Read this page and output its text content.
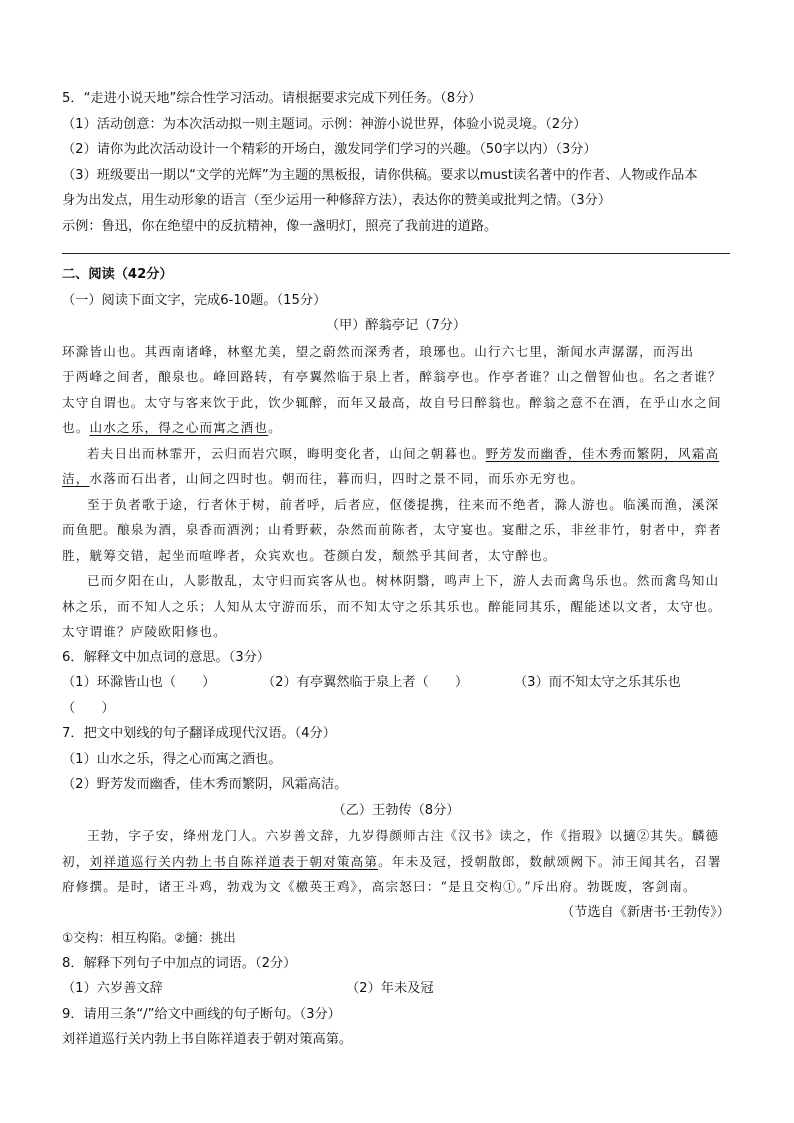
5．“走进小说天地”综合性学习活动。请根据要求完成下列任务。（8分）
（1）活动创意：为本次活动拟一则主题词。示例：神游小说世界，体验小说灵境。（2分）
（2）请你为此次活动设计一个精彩的开场白，激发同学们学习的兴趣。（50字以内）（3分）
（3）班级要出一期以“文学的光辉”为主题的黑板报，请你供稿。要求以must读名著中的作者、人物或作品本
身为出发点，用生动形象的语言（至少运用一种修辞方法），表达你的赞美或批判之情。（3分）
示例：鲁迅，你在绝望中的反抗精神，像一盏明灯，照亮了我前进的道路。
二、阅读（42分）
（一）阅读下面文字，完成6-10题。（15分）
（甲）醉翁亭记（7分）
环滁皆山也。其西南诸峰，林壑尤美，望之蔚然而深秀者，琅琊也。山行六七里，渐闻水声潺潺，而泻出
于两峰之间者，酿泉也。峰回路转，有亭翼然临于泉上者，醉翁亭也。作亭者谁？山之僧智仙也。名之者谁？
太守自谓也。太守与客来饮于此，饮少辄醉，而年又最高，故自号曰醉翁也。醉翁之意不在酒，在乎山水之间
也。山水之乐，得之心而寓之酒也。
若夫日出而林霏开，云归而岩穴暝，晦明变化者，山间之朝暮也。野芳发而幽香，佳木秀而繁阴，风霜高
洁，水落而石出者，山间之四时也。朝而往，暮而归，四时之景不同，而乐亦无穷也。
至于负者歌于途，行者休于树，前者呼，后者应，伛偻提携，往来而不绝者，滁人游也。临溪而渔，溪深
而鱼肥。酿泉为酒，泉香而酒洌；山肴野蔌，杂然而前陈者，太守宴也。宴酣之乐，非丝非竹，射者中，弈者
胜，觥筹交错，起坐而喧哗者，众宾欢也。苍颜白发，颓然乎其间者，太守醉也。
已而夕阳在山，人影散乱，太守归而宾客从也。树林阴翳，鸣声上下，游人去而禽鸟乐也。然而禽鸟知山
林之乐，而不知人之乐；人知从太守游而乐，而不知太守之乐其乐也。醉能同其乐，醒能述以文者，太守也。
太守谓谁？庐陵欧阳修也。
6．解释文中加点词的意思。（3分）
（1）环滁皆山也（　　）	（2）有亭翼然临于泉上者（　　）	（3）而不知太守之乐其乐也
（　　）
7．把文中划线的句子翻译成现代汉语。（4分）
（1）山水之乐，得之心而寓之酒也。
（2）野芳发而幽香，佳木秀而繁阴，风霜高洁。
（乙）王勃传（8分）
王勃，字子安，绛州龙门人。六岁善文辞，九岁得颜师古注《汉书》读之，作《指瑕》以擿②其失。麟德
初，刘祥道巡行关内勃上书自陈祥道表于朝对策高第。年未及冠，授朝散郎，数献颂阙下。沛王闻其名，召署
府修撰。是时，诸王斗鸡，勃戏为文《檄英王鸡》，高宗怒曰：“是且交构①。”斥出府。勃既废，客剑南。
（节选自《新唐书·王勃传》）
①交构：相互构陷。②擿：挑出
8．解释下列句子中加点的词语。（2分）
（1）六岁善文辞	（2）年未及冠
9．请用三条“/”给文中画线的句子断句。（3分）
刘祥道巡行关内勃上书自陈祥道表于朝对策高第。
